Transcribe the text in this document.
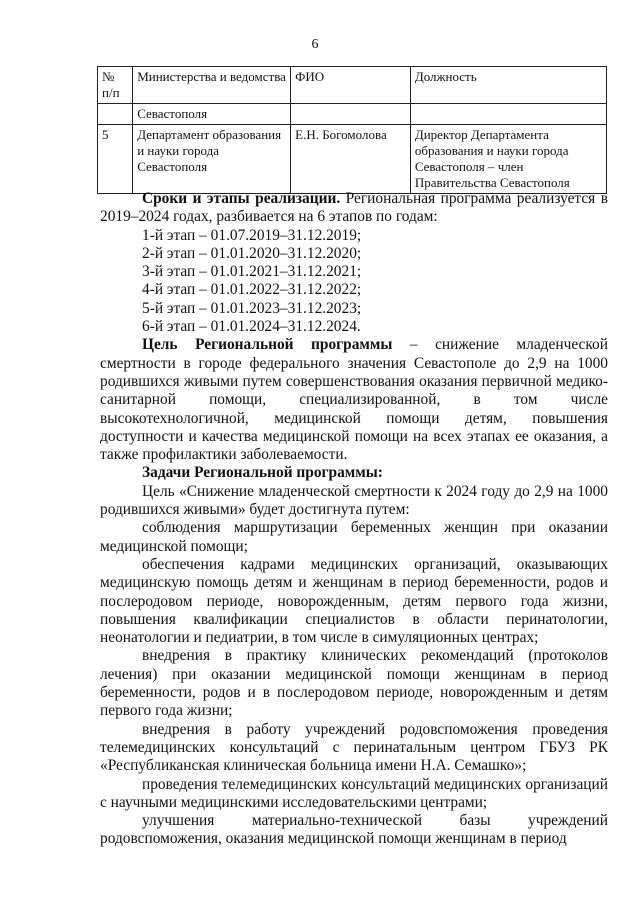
6
№ п/п	Министерства и ведомства	ФИО	Должность
	Севастополя		
5	Департамент образования и науки города Севастополя	Е.Н. Богомолова	Директор Департамента образования и науки города Севастополя – член Правительства Севастополя

Сроки и этапы реализации. Региональная программа реализуется в 2019–2024 годах, разбивается на 6 этапов по годам:

1-й этап – 01.07.2019–31.12.2019;

2-й этап – 01.01.2020–31.12.2020;

3-й этап – 01.01.2021–31.12.2021;

4-й этап – 01.01.2022–31.12.2022;

5-й этап – 01.01.2023–31.12.2023;

6-й этап – 01.01.2024–31.12.2024.

Цель Региональной программы – снижение младенческой смертности в городе федерального значения Севастополе до 2,9 на 1000 родившихся живыми путем совершенствования оказания первичной медико-санитарной помощи, специализированной, в том числе высокотехнологичной, медицинской помощи детям, повышения доступности и качества медицинской помощи на всех этапах ее оказания, а также профилактики заболеваемости.

Задачи Региональной программы:

Цель «Снижение младенческой смертности к 2024 году до 2,9 на 1000 родившихся живыми» будет достигнута путем:

соблюдения маршрутизации беременных женщин при оказании медицинской помощи;

обеспечения кадрами медицинских организаций, оказывающих медицинскую помощь детям и женщинам в период беременности, родов и послеродовом периоде, новорожденным, детям первого года жизни, повышения квалификации специалистов в области перинатологии, неонатологии и педиатрии, в том числе в симуляционных центрах;

внедрения в практику клинических рекомендаций (протоколов лечения) при оказании медицинской помощи женщинам в период беременности, родов и в послеродовом периоде, новорожденным и детям первого года жизни;

внедрения в работу учреждений родовспоможения проведения телемедицинских консультаций с перинатальным центром ГБУЗ РК «Республиканская клиническая больница имени Н.А. Семашко»;

проведения телемедицинских консультаций медицинских организаций с научными медицинскими исследовательскими центрами;

улучшения материально-технической базы учреждений родовспоможения, оказания медицинской помощи женщинам в период
